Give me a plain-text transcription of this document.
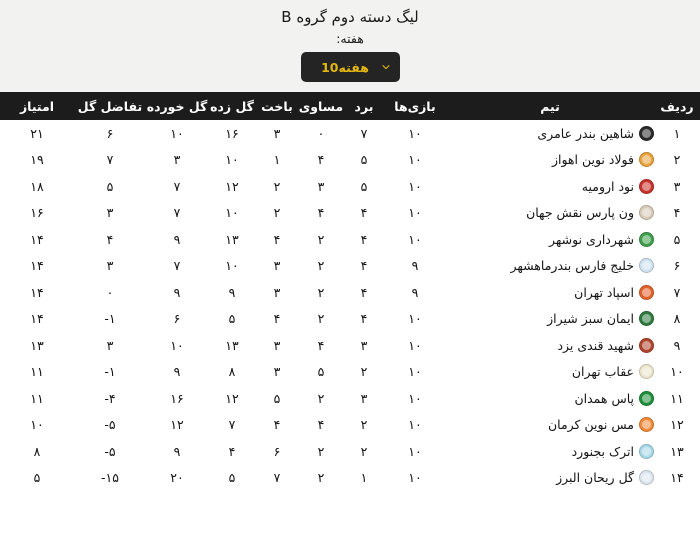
لیگ دسته دوم گروه B
هفته:
هفته10
ردیف	تیم	بازی‌ها	برد	مساوی	باخت	گل زده	گل خورده	تفاضل گل	امتیاز
۱	شاهین بندر عامری	۱۰	۷	۰	۳	۱۶	۱۰	۶	۲۱
۲	فولاد نوین اهواز	۱۰	۵	۴	۱	۱۰	۳	۷	۱۹
۳	نود ارومیه	۱۰	۵	۳	۲	۱۲	۷	۵	۱۸
۴	ون پارس نقش جهان	۱۰	۴	۴	۲	۱۰	۷	۳	۱۶
۵	شهرداری نوشهر	۱۰	۴	۲	۴	۱۳	۹	۴	۱۴
۶	خلیج فارس بندرماهشهر	۹	۴	۲	۳	۱۰	۷	۳	۱۴
۷	اسپاد تهران	۹	۴	۲	۳	۹	۹	۰	۱۴
۸	ایمان سبز شیراز	۱۰	۴	۲	۴	۵	۶	۱-	۱۴
۹	شهید قندی یزد	۱۰	۳	۴	۳	۱۳	۱۰	۳	۱۳
۱۰	عقاب تهران	۱۰	۲	۵	۳	۸	۹	۱-	۱۱
۱۱	پاس همدان	۱۰	۳	۲	۵	۱۲	۱۶	۴-	۱۱
۱۲	مس نوین کرمان	۱۰	۲	۴	۴	۷	۱۲	۵-	۱۰
۱۳	اترک بجنورد	۱۰	۲	۲	۶	۴	۹	۵-	۸
۱۴	گل ریحان البرز	۱۰	۱	۲	۷	۵	۲۰	۱۵-	۵
